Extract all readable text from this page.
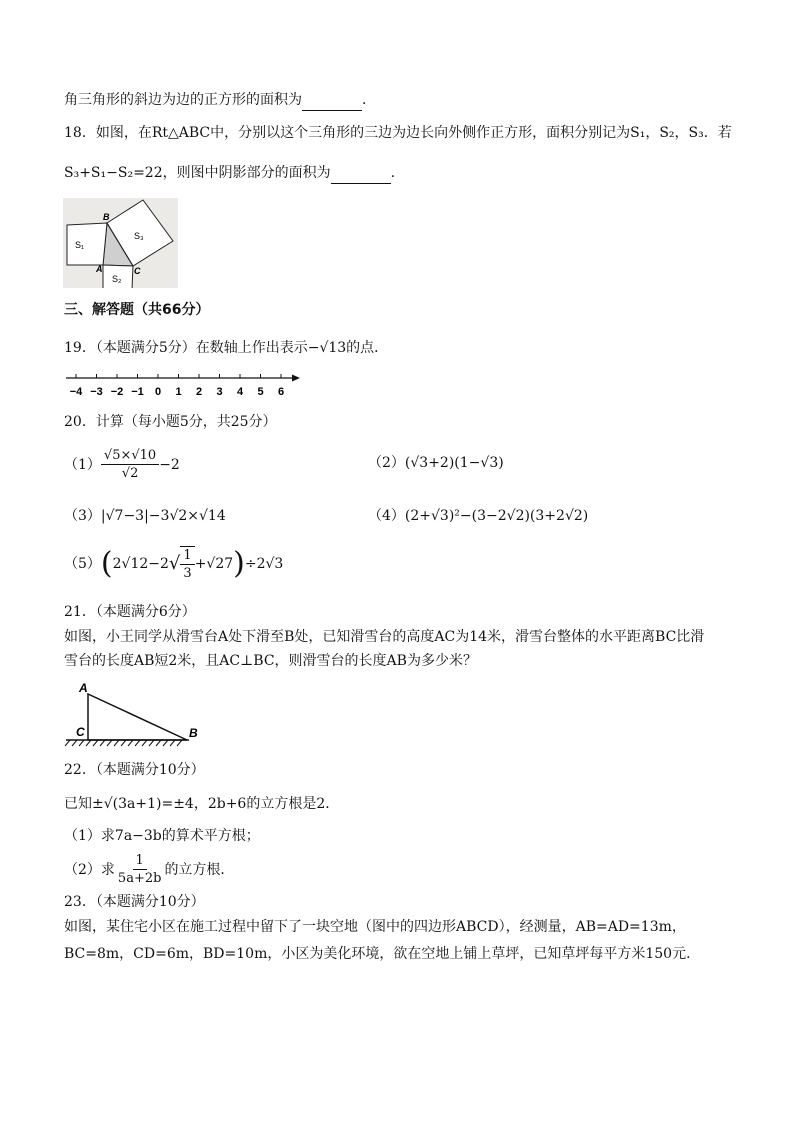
角三角形的斜边为边的正方形的面积为	.
18．如图，在Rt△ABC中，分别以这个三角形的三边为边长向外侧作正方形，面积分别记为S₁，S₂，S₃．若
S₃+S₁−S₂=22，则图中阴影部分的面积为	.
B
A	C
S₁
S₂
S₃
三、解答题（共66分）
19．（本题满分5分）在数轴上作出表示−√13的点．
−4 −3 −2 −1 0 1 2 3 4 5 6
20．计算（每小题5分，共25分）
$(1) \frac{√5\times√10}{√2} -2$	（2）(√3+2)(1−√3)
（3）|√7−3|−3√2×√14	（4）(2+√3)²−(3−2√2)(3+2√2)
（5） ( 2√12−2 √ $\frac{1}{3} +√27$ ) ÷2√3
21．（本题满分6分）
如图，小王同学从滑雪台A处下滑至B处，已知滑雪台的高度AC为14米，滑雪台整体的水平距离BC比滑
雪台的长度AB短2米，且AC⊥BC，则滑雪台的长度AB为多少米？
A
C	B
22．（本题满分10分）
已知±√(3a+1)=±4，2b+6的立方根是2．
（1）求7a−3b的算术平方根；
（2）求 $\frac{1}{5a+2b}$ 的立方根．
23．（本题满分10分）
如图，某住宅小区在施工过程中留下了一块空地（图中的四边形ABCD），经测量，AB=AD=13m，
BC=8m，CD=6m，BD=10m，小区为美化环境，欲在空地上铺上草坪，已知草坪每平方米150元．
